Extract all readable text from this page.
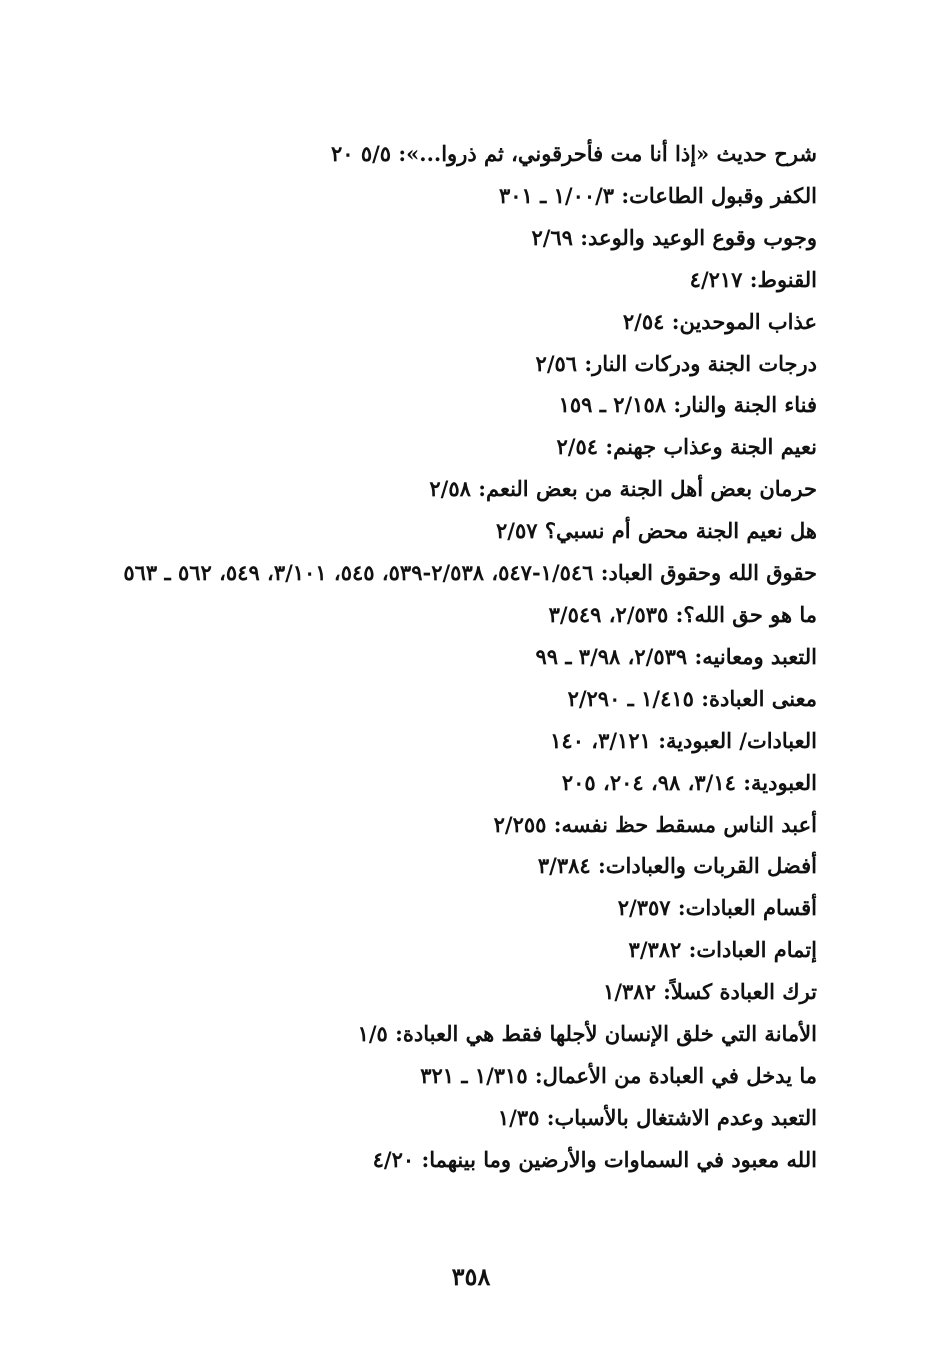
شرح حديث «إذا أنا مت فأحرقوني، ثم ذروا...»: ٥/٥ ٢٠
الكفر وقبول الطاعات: ١/٠٠/٣ ـ ٣٠١
وجوب وقوع الوعيد والوعد: ٢/٦٩
القنوط: ٤/٢١٧
عذاب الموحدين: ٢/٥٤
درجات الجنة ودركات النار: ٢/٥٦
فناء الجنة والنار: ٢/١٥٨ ـ ١٥٩
نعيم الجنة وعذاب جهنم: ٢/٥٤
حرمان بعض أهل الجنة من بعض النعم: ٢/٥٨
هل نعيم الجنة محض أم نسبي؟ ٢/٥٧
حقوق الله وحقوق العباد: ١/٥٤٦-٥٤٧، ٢/٥٣٨-٥٣٩، ٥٤٥، ٣/١٠١، ٥٤٩، ٥٦٢ ـ ٥٦٣
ما هو حق الله؟: ٢/٥٣٥، ٣/٥٤٩
التعبد ومعانيه: ٢/٥٣٩، ٣/٩٨ ـ ٩٩
معنى العبادة: ١/٤١٥ ـ ٢/٢٩٠
العبادات/ العبودية: ٣/١٢١، ١٤٠
العبودية: ٣/١٤، ٩٨، ٢٠٤، ٢٠٥
أعبد الناس مسقط حظ نفسه: ٢/٢٥٥
أفضل القربات والعبادات: ٣/٣٨٤
أقسام العبادات: ٢/٣٥٧
إتمام العبادات: ٣/٣٨٢
ترك العبادة كسلاً: ١/٣٨٢
الأمانة التي خلق الإنسان لأجلها فقط هي العبادة: ١/٥
ما يدخل في العبادة من الأعمال: ١/٣١٥ ـ ٣٢١
التعبد وعدم الاشتغال بالأسباب: ١/٣٥
الله معبود في السماوات والأرضين وما بينهما: ٤/٢٠
٣٥٨
